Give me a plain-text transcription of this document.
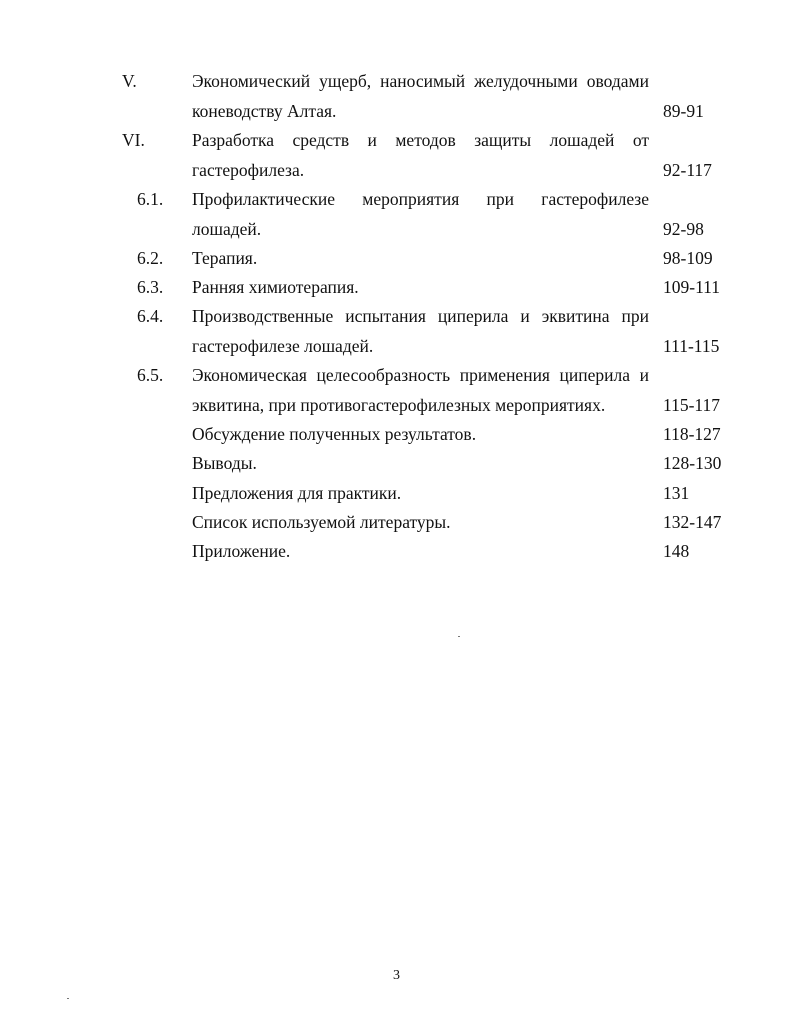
V.	Экономический ущерб, наносимый желудочными оводами
коневодству Алтая.	89-91
VI.	Разработка средств и методов защиты лошадей от
гастерофилеза.	92-117
6.1. Профилактические мероприятия при гастерофилезе
лошадей.	92-98
6.2. Терапия.	98-109
6.3. Ранняя химиотерапия.	109-111
6.4. Производственные испытания циперила и эквитина при
гастерофилезе лошадей.	111-115
6.5. Экономическая целесообразность применения циперила и
эквитина, при противогастерофилезных мероприятиях.	115-117
Обсуждение полученных результатов.	118-127
Выводы.	128-130
Предложения для практики.	131
Список используемой литературы.	132-147
Приложение.	148
3
